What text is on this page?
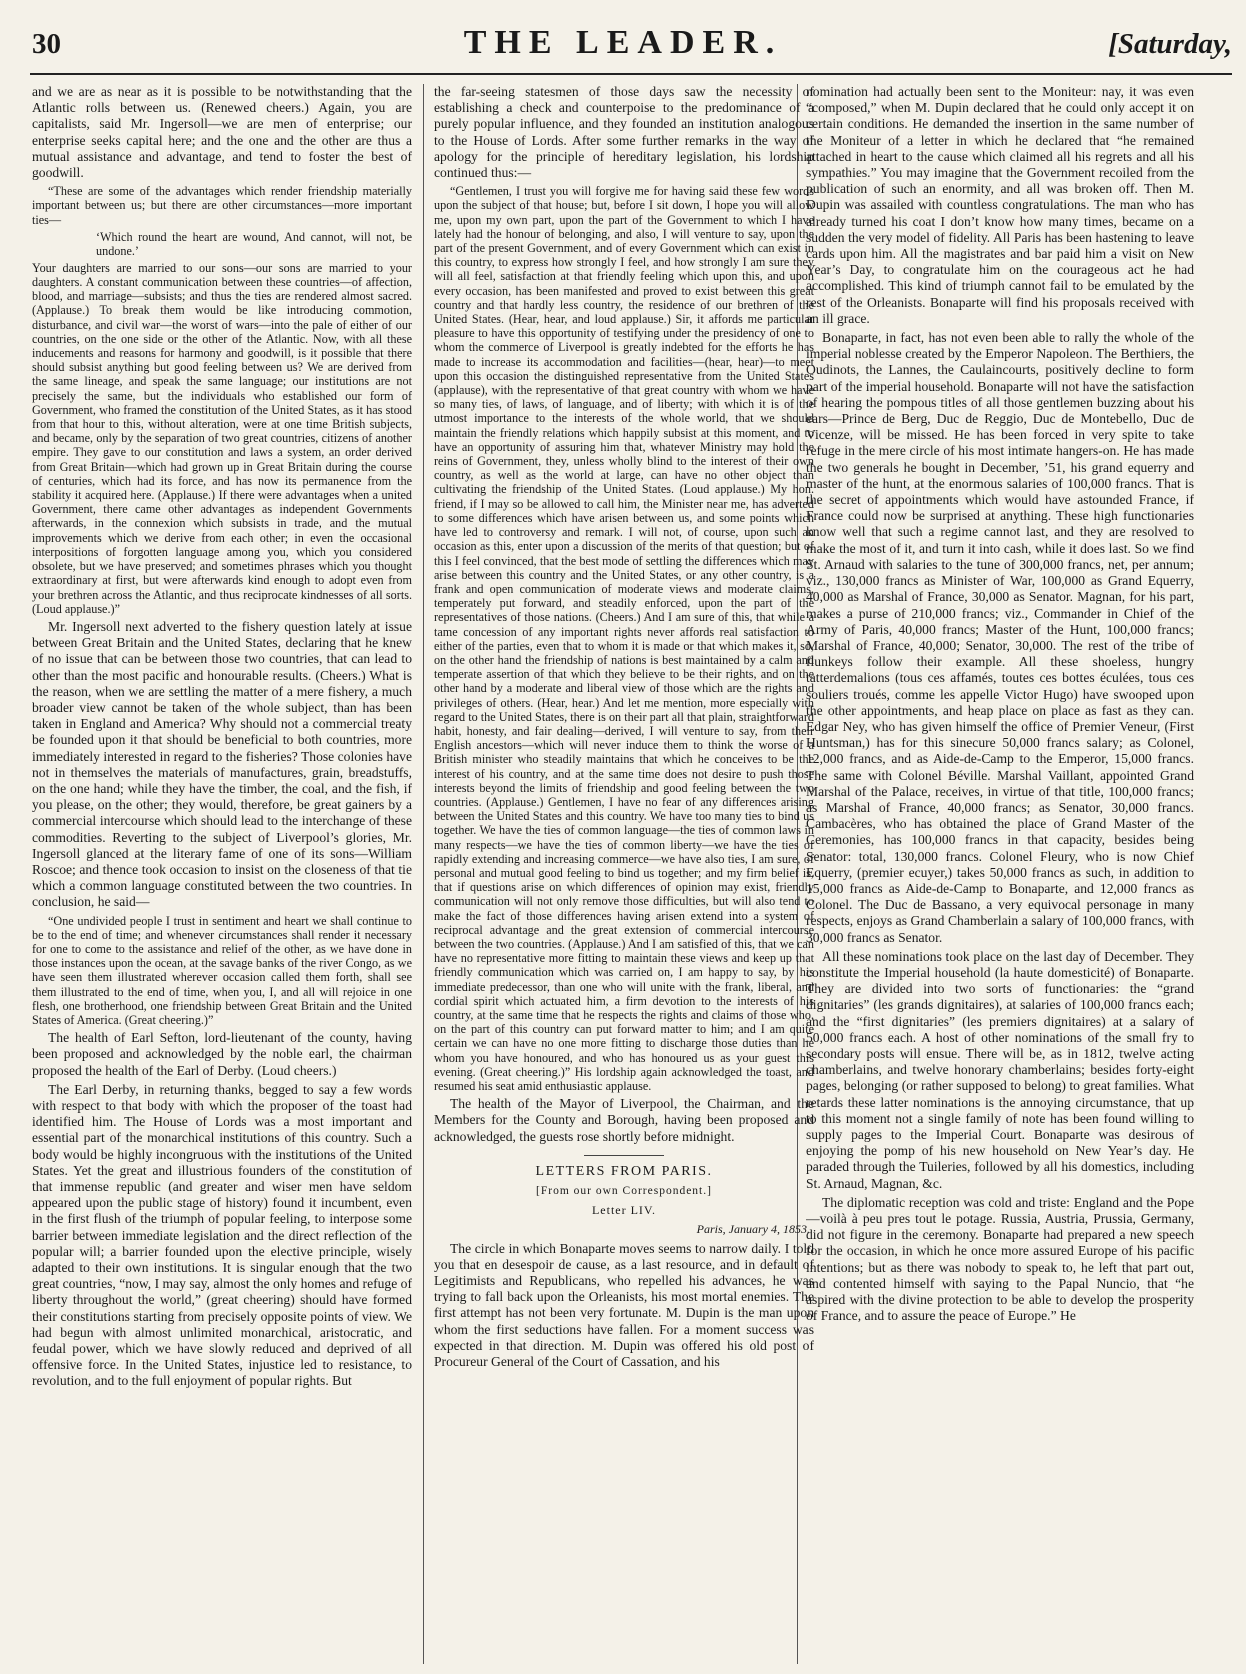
30	THE LEADER.	[Saturday,

and we are as near as it is possible to be notwithstanding that the Atlantic rolls between us. (Renewed cheers.) Again, you are capitalists, said Mr. Ingersoll—we are men of enterprise; our enterprise seeks capital here; and the one and the other are thus a mutual assistance and advantage, and tend to foster the best of goodwill.

“These are some of the advantages which render friendship materially important between us; but there are other circumstances—more important ties—

‘Which round the heart are wound, And cannot, will not, be undone.’

Your daughters are married to our sons—our sons are married to your daughters. A constant communication between these countries—of affection, blood, and marriage—subsists; and thus the ties are rendered almost sacred. (Applause.) To break them would be like introducing commotion, disturbance, and civil war—the worst of wars—into the pale of either of our countries, on the one side or the other of the Atlantic. Now, with all these inducements and reasons for harmony and goodwill, is it possible that there should subsist anything but good feeling between us? We are derived from the same lineage, and speak the same language; our institutions are not precisely the same, but the individuals who established our form of Government, who framed the constitution of the United States, as it has stood from that hour to this, without alteration, were at one time British subjects, and became, only by the separation of two great countries, citizens of another empire. They gave to our constitution and laws a system, an order derived from Great Britain—which had grown up in Great Britain during the course of centuries, which had its force, and has now its permanence from the stability it acquired here. (Applause.) If there were advantages when a united Government, there came other advantages as independent Governments afterwards, in the connexion which subsists in trade, and the mutual improvements which we derive from each other; in even the occasional interpositions of forgotten language among you, which you considered obsolete, but we have preserved; and sometimes phrases which you thought extraordinary at first, but were afterwards kind enough to adopt even from your brethren across the Atlantic, and thus reciprocate kindnesses of all sorts. (Loud applause.)”

Mr. Ingersoll next adverted to the fishery question lately at issue between Great Britain and the United States, declaring that he knew of no issue that can be between those two countries, that can lead to other than the most pacific and honourable results. (Cheers.) What is the reason, when we are settling the matter of a mere fishery, a much broader view cannot be taken of the whole subject, than has been taken in England and America? Why should not a commercial treaty be founded upon it that should be beneficial to both countries, more immediately interested in regard to the fisheries? Those colonies have not in themselves the materials of manufactures, grain, breadstuffs, on the one hand; while they have the timber, the coal, and the fish, if you please, on the other; they would, therefore, be great gainers by a commercial intercourse which should lead to the interchange of these commodities. Reverting to the subject of Liverpool’s glories, Mr. Ingersoll glanced at the literary fame of one of its sons—William Roscoe; and thence took occasion to insist on the closeness of that tie which a common language constituted between the two countries. In conclusion, he said—

“One undivided people I trust in sentiment and heart we shall continue to be to the end of time; and whenever circumstances shall render it necessary for one to come to the assistance and relief of the other, as we have done in those instances upon the ocean, at the savage banks of the river Congo, as we have seen them illustrated wherever occasion called them forth, shall see them illustrated to the end of time, when you, I, and all will rejoice in one flesh, one brotherhood, one friendship between Great Britain and the United States of America. (Great cheering.)”

The health of Earl Sefton, lord-lieutenant of the county, having been proposed and acknowledged by the noble earl, the chairman proposed the health of the Earl of Derby. (Loud cheers.)

The Earl Derby, in returning thanks, begged to say a few words with respect to that body with which the proposer of the toast had identified him. The House of Lords was a most important and essential part of the monarchical institutions of this country. Such a body would be highly incongruous with the institutions of the United States. Yet the great and illustrious founders of the constitution of that immense republic (and greater and wiser men have seldom appeared upon the public stage of history) found it incumbent, even in the first flush of the triumph of popular feeling, to interpose some barrier between immediate legislation and the direct reflection of the popular will; a barrier founded upon the elective principle, wisely adapted to their own institutions. It is singular enough that the two great countries, “now, I may say, almost the only homes and refuge of liberty throughout the world,” (great cheering) should have formed their constitutions starting from precisely opposite points of view. We had begun with almost unlimited monarchical, aristocratic, and feudal power, which we have slowly reduced and deprived of all offensive force. In the United States, injustice led to resistance, to revolution, and to the full enjoyment of popular rights. But

the far-seeing statesmen of those days saw the necessity of establishing a check and counterpoise to the predominance of a purely popular influence, and they founded an institution analogous to the House of Lords. After some further remarks in the way of apology for the principle of hereditary legislation, his lordship continued thus:—

“Gentlemen, I trust you will forgive me for having said these few words upon the subject of that house; but, before I sit down, I hope you will allow me, upon my own part, upon the part of the Government to which I have lately had the honour of belonging, and also, I will venture to say, upon the part of the present Government, and of every Government which can exist in this country, to express how strongly I feel, and how strongly I am sure they will all feel, satisfaction at that friendly feeling which upon this, and upon every occasion, has been manifested and proved to exist between this great country and that hardly less country, the residence of our brethren of the United States. (Hear, hear, and loud applause.) Sir, it affords me particular pleasure to have this opportunity of testifying under the presidency of one to whom the commerce of Liverpool is greatly indebted for the efforts he has made to increase its accommodation and facilities—(hear, hear)—to meet upon this occasion the distinguished representative from the United States (applause), with the representative of that great country with whom we have so many ties, of laws, of language, and of liberty; with which it is of the utmost importance to the interests of the whole world, that we should maintain the friendly relations which happily subsist at this moment, and to have an opportunity of assuring him that, whatever Ministry may hold the reins of Government, they, unless wholly blind to the interest of their own country, as well as the world at large, can have no other object than cultivating the friendship of the United States. (Loud applause.) My hon. friend, if I may so be allowed to call him, the Minister near me, has adverted to some differences which have arisen between us, and some points which have led to controversy and remark. I will not, of course, upon such an occasion as this, enter upon a discussion of the merits of that question; but of this I feel convinced, that the best mode of settling the differences which may arise between this country and the United States, or any other country, is a frank and open communication of moderate views and moderate claims, temperately put forward, and steadily enforced, upon the part of the representatives of those nations. (Cheers.) And I am sure of this, that while a tame concession of any important rights never affords real satisfaction to either of the parties, even that to whom it is made or that which makes it, so, on the other hand the friendship of nations is best maintained by a calm and temperate assertion of that which they believe to be their rights, and on the other hand by a moderate and liberal view of those which are the rights and privileges of others. (Hear, hear.) And let me mention, more especially with regard to the United States, there is on their part all that plain, straightforward habit, honesty, and fair dealing—derived, I will venture to say, from their English ancestors—which will never induce them to think the worse of a British minister who steadily maintains that which he conceives to be the interest of his country, and at the same time does not desire to push those interests beyond the limits of friendship and good feeling between the two countries. (Applause.) Gentlemen, I have no fear of any differences arising between the United States and this country. We have too many ties to bind us together. We have the ties of common language—the ties of common laws in many respects—we have the ties of common liberty—we have the ties of rapidly extending and increasing commerce—we have also ties, I am sure, of personal and mutual good feeling to bind us together; and my firm belief is, that if questions arise on which differences of opinion may exist, friendly communication will not only remove those difficulties, but will also tend to make the fact of those differences having arisen extend into a system of reciprocal advantage and the great extension of commercial intercourse between the two countries. (Applause.) And I am satisfied of this, that we can have no representative more fitting to maintain these views and keep up that friendly communication which was carried on, I am happy to say, by his immediate predecessor, than one who will unite with the frank, liberal, and cordial spirit which actuated him, a firm devotion to the interests of his country, at the same time that he respects the rights and claims of those who, on the part of this country can put forward matter to him; and I am quite certain we can have no one more fitting to discharge those duties than he whom you have honoured, and who has honoured us as your guest this evening. (Great cheering.)” His lordship again acknowledged the toast, and resumed his seat amid enthusiastic applause.

The health of the Mayor of Liverpool, the Chairman, and the Members for the County and Borough, having been proposed and acknowledged, the guests rose shortly before midnight.

LETTERS FROM PARIS.
[From our own Correspondent.]
Letter LIV.
Paris, January 4, 1853.

The circle in which Bonaparte moves seems to narrow daily. I told you that en desespoir de cause, as a last resource, and in default of Legitimists and Republicans, who repelled his advances, he was trying to fall back upon the Orleanists, his most mortal enemies. The first attempt has not been very fortunate. M. Dupin is the man upon whom the first seductions have fallen. For a moment success was expected in that direction. M. Dupin was offered his old post of Procureur General of the Court of Cassation, and his

nomination had actually been sent to the Moniteur: nay, it was even “composed,” when M. Dupin declared that he could only accept it on certain conditions. He demanded the insertion in the same number of the Moniteur of a letter in which he declared that “he remained attached in heart to the cause which claimed all his regrets and all his sympathies.” You may imagine that the Government recoiled from the publication of such an enormity, and all was broken off. Then M. Dupin was assailed with countless congratulations. The man who has already turned his coat I don’t know how many times, became on a sudden the very model of fidelity. All Paris has been hastening to leave cards upon him. All the magistrates and bar paid him a visit on New Year’s Day, to congratulate him on the courageous act he had accomplished. This kind of triumph cannot fail to be emulated by the rest of the Orleanists. Bonaparte will find his proposals received with an ill grace.

Bonaparte, in fact, has not even been able to rally the whole of the imperial noblesse created by the Emperor Napoleon. The Berthiers, the Oudinots, the Lannes, the Caulaincourts, positively decline to form part of the imperial household. Bonaparte will not have the satisfaction of hearing the pompous titles of all those gentlemen buzzing about his ears—Prince de Berg, Duc de Reggio, Duc de Montebello, Duc de Vicenze, will be missed. He has been forced in very spite to take refuge in the mere circle of his most intimate hangers-on. He has made the two generals he bought in December, ’51, his grand equerry and master of the hunt, at the enormous salaries of 100,000 francs. That is the secret of appointments which would have astounded France, if France could now be surprised at anything. These high functionaries know well that such a regime cannot last, and they are resolved to make the most of it, and turn it into cash, while it does last. So we find St. Arnaud with salaries to the tune of 300,000 francs, net, per annum; viz., 130,000 francs as Minister of War, 100,000 as Grand Equerry, 40,000 as Marshal of France, 30,000 as Senator. Magnan, for his part, makes a purse of 210,000 francs; viz., Commander in Chief of the Army of Paris, 40,000 francs; Master of the Hunt, 100,000 francs; Marshal of France, 40,000; Senator, 30,000. The rest of the tribe of flunkeys follow their example. All these shoeless, hungry tatterdemalions (tous ces affamés, toutes ces bottes éculées, tous ces souliers troués, comme les appelle Victor Hugo) have swooped upon the other appointments, and heap place on place as fast as they can. Edgar Ney, who has given himself the office of Premier Veneur, (First Huntsman,) has for this sinecure 50,000 francs salary; as Colonel, 12,000 francs, and as Aide-de-Camp to the Emperor, 15,000 francs. The same with Colonel Béville. Marshal Vaillant, appointed Grand Marshal of the Palace, receives, in virtue of that title, 100,000 francs; as Marshal of France, 40,000 francs; as Senator, 30,000 francs. Cambacères, who has obtained the place of Grand Master of the Ceremonies, has 100,000 francs in that capacity, besides being Senator: total, 130,000 francs. Colonel Fleury, who is now Chief Equerry, (premier ecuyer,) takes 50,000 francs as such, in addition to 15,000 francs as Aide-de-Camp to Bonaparte, and 12,000 francs as Colonel. The Duc de Bassano, a very equivocal personage in many respects, enjoys as Grand Chamberlain a salary of 100,000 francs, with 30,000 francs as Senator.

All these nominations took place on the last day of December. They constitute the Imperial household (la haute domesticité) of Bonaparte. They are divided into two sorts of functionaries: the “grand dignitaries” (les grands dignitaires), at salaries of 100,000 francs each; and the “first dignitaries” (les premiers dignitaires) at a salary of 50,000 francs each. A host of other nominations of the small fry to secondary posts will ensue. There will be, as in 1812, twelve acting chamberlains, and twelve honorary chamberlains; besides forty-eight pages, belonging (or rather supposed to belong) to great families. What retards these latter nominations is the annoying circumstance, that up to this moment not a single family of note has been found willing to supply pages to the Imperial Court. Bonaparte was desirous of enjoying the pomp of his new household on New Year’s day. He paraded through the Tuileries, followed by all his domestics, including St. Arnaud, Magnan, &c.

The diplomatic reception was cold and triste: England and the Pope—voilà à peu pres tout le potage. Russia, Austria, Prussia, Germany, did not figure in the ceremony. Bonaparte had prepared a new speech for the occasion, in which he once more assured Europe of his pacific intentions; but as there was nobody to speak to, he left that part out, and contented himself with saying to the Papal Nuncio, that “he aspired with the divine protection to be able to develop the prosperity of France, and to assure the peace of Europe.” He
